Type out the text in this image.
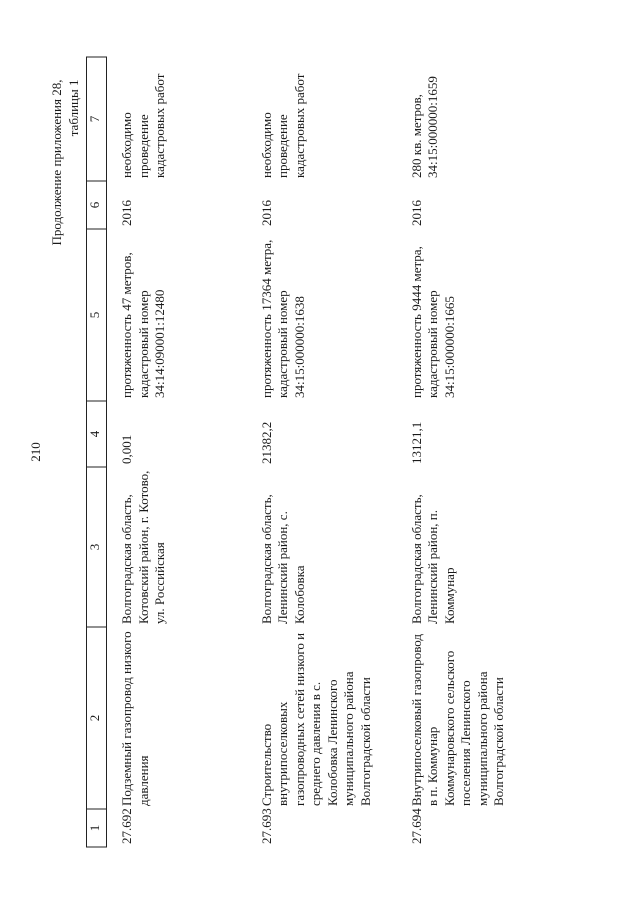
210
Продолжение приложения 28, таблицы 1
1	2	3	4	5	6	7
27.692	Подземный газопровод низкого давления	Волгоградская область, Котовский район, г. Котово, ул. Российская	0,001	протяженность 47 метров, кадастровый номер 34:14:090001:12480	2016	необходимо проведение кадастровых работ
27.693	Строительство внутрипоселковых газопроводных сетей низкого и среднего давления в с. Колобовка Ленинского муниципального района Волгоградской области	Волгоградская область, Ленинский район, с. Колобовка	21382,2	протяженность 17364 метра, кадастровый номер 34:15:000000:1638	2016	необходимо проведение кадастровых работ
27.694	Внутрипоселковый газопровод в п. Коммунар Коммунаровского сельского поселения Ленинского муниципального района Волгоградской области	Волгоградская область, Ленинский район, п. Коммунар	13121,1	протяженность 9444 метра, кадастровый номер 34:15:000000:1665	2016	280 кв. метров, 34:15:000000:1659
